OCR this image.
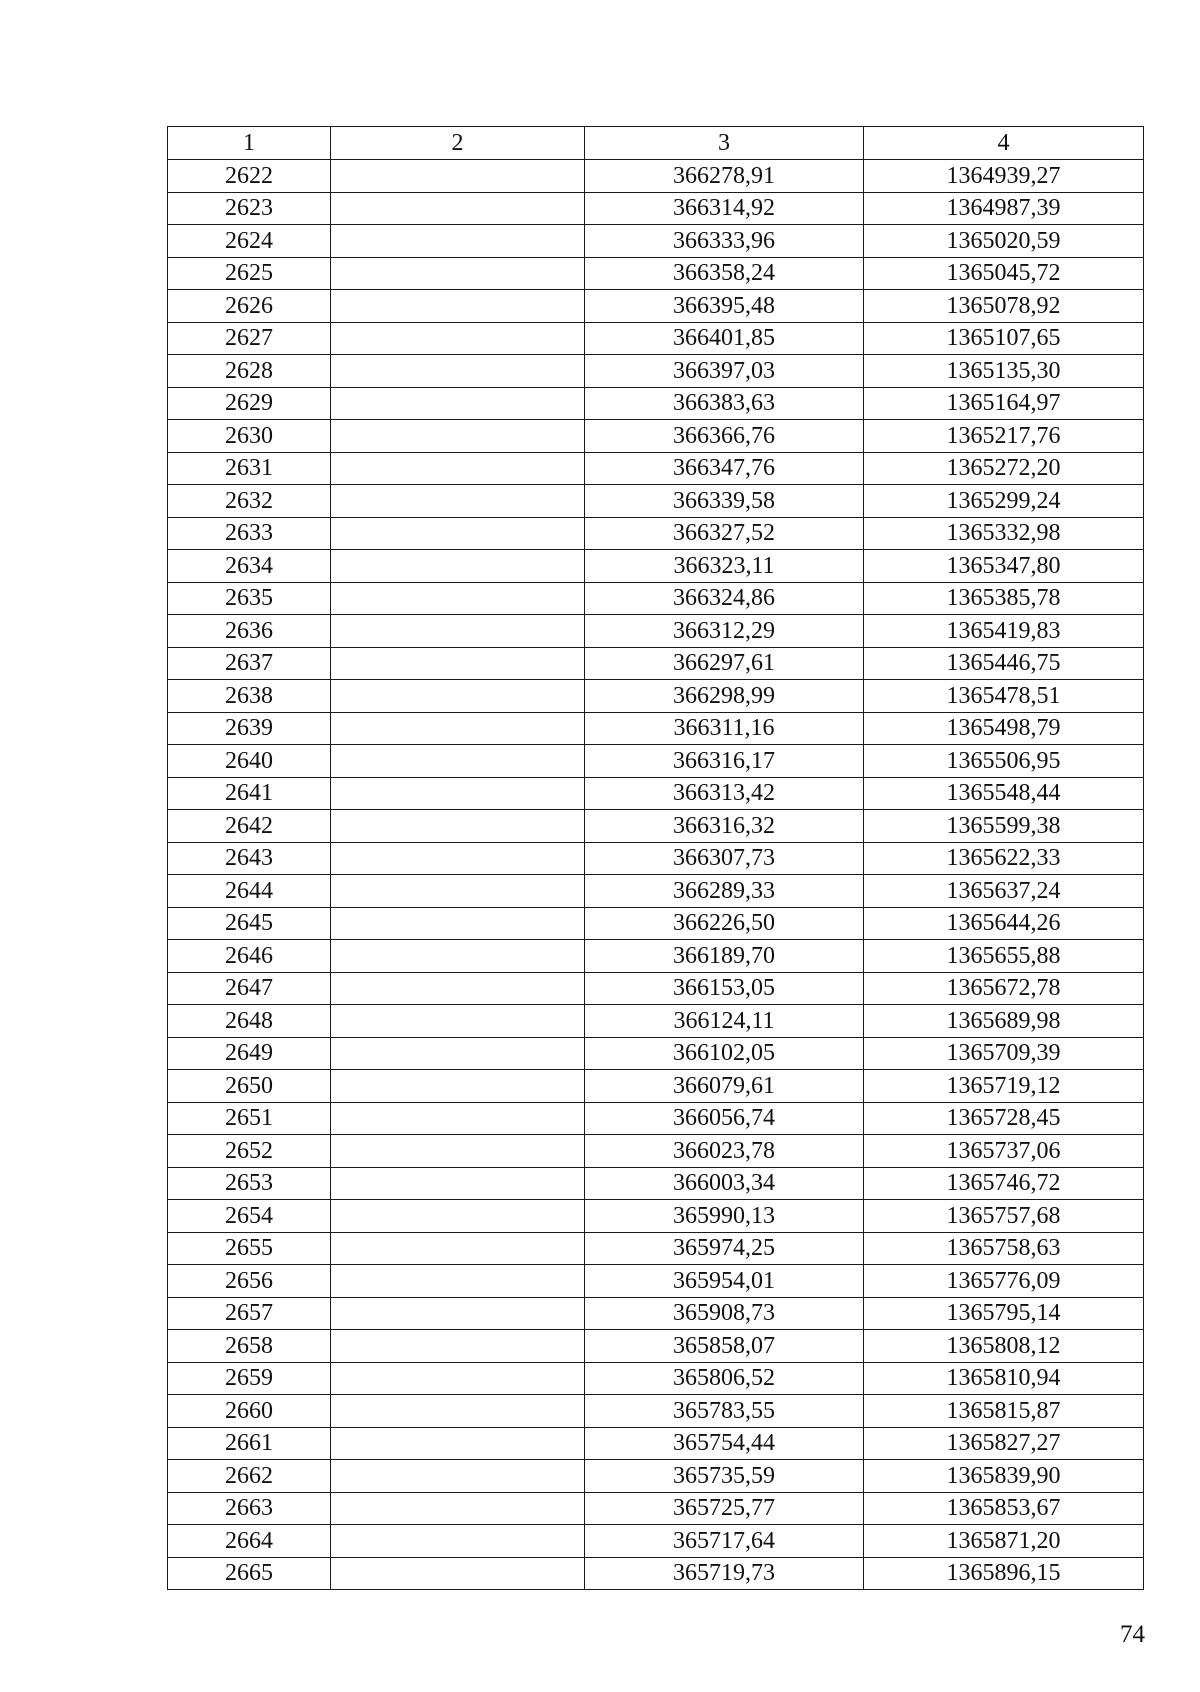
1	2	3	4
2622		366278,91	1364939,27
2623		366314,92	1364987,39
2624		366333,96	1365020,59
2625		366358,24	1365045,72
2626		366395,48	1365078,92
2627		366401,85	1365107,65
2628		366397,03	1365135,30
2629		366383,63	1365164,97
2630		366366,76	1365217,76
2631		366347,76	1365272,20
2632		366339,58	1365299,24
2633		366327,52	1365332,98
2634		366323,11	1365347,80
2635		366324,86	1365385,78
2636		366312,29	1365419,83
2637		366297,61	1365446,75
2638		366298,99	1365478,51
2639		366311,16	1365498,79
2640		366316,17	1365506,95
2641		366313,42	1365548,44
2642		366316,32	1365599,38
2643		366307,73	1365622,33
2644		366289,33	1365637,24
2645		366226,50	1365644,26
2646		366189,70	1365655,88
2647		366153,05	1365672,78
2648		366124,11	1365689,98
2649		366102,05	1365709,39
2650		366079,61	1365719,12
2651		366056,74	1365728,45
2652		366023,78	1365737,06
2653		366003,34	1365746,72
2654		365990,13	1365757,68
2655		365974,25	1365758,63
2656		365954,01	1365776,09
2657		365908,73	1365795,14
2658		365858,07	1365808,12
2659		365806,52	1365810,94
2660		365783,55	1365815,87
2661		365754,44	1365827,27
2662		365735,59	1365839,90
2663		365725,77	1365853,67
2664		365717,64	1365871,20
2665		365719,73	1365896,15
74
